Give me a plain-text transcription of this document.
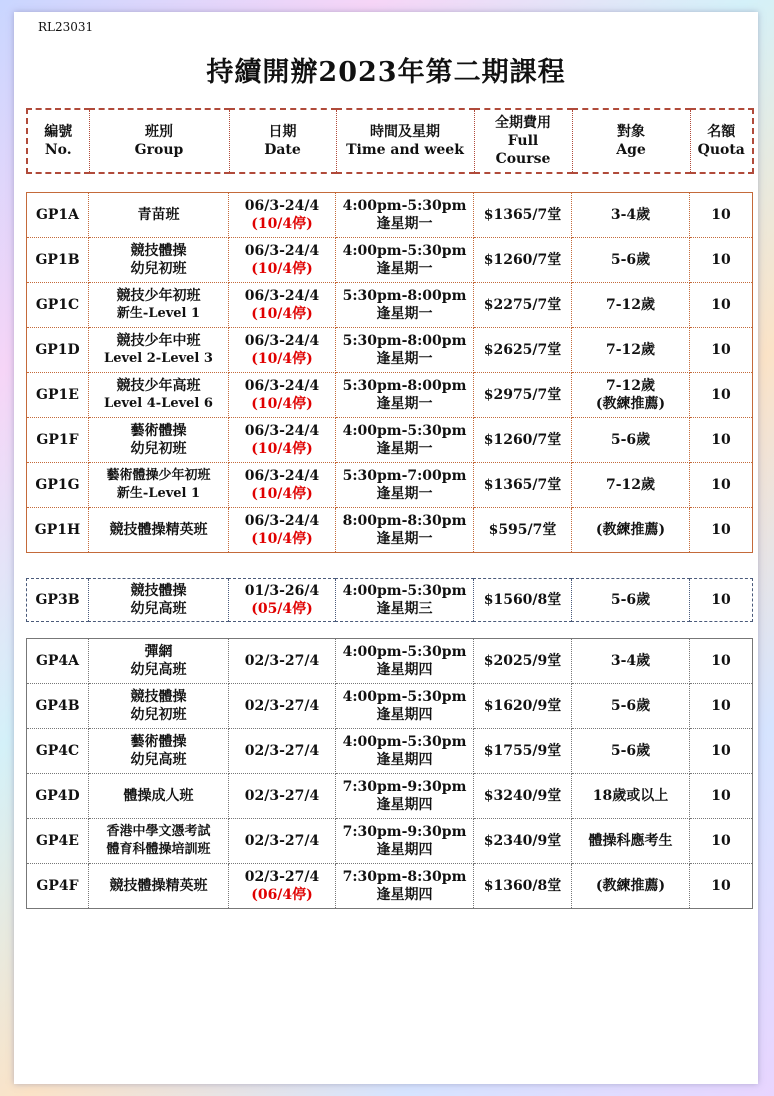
RL23031
持續開辦2023年第二期課程
編號
No.

班別
Group

日期
Date

時間及星期
Time and week

全期費用
Full
Course

對象
Age

名額
Quota
GP1A	青苗班	06/3-24/4
(10/4停)	4:00pm-5:30pm
逢星期一	$1365/7堂	3-4歲	10

GP1B	競技體操
幼兒初班	06/3-24/4
(10/4停)	4:00pm-5:30pm
逢星期一	$1260/7堂	5-6歲	10

GP1C	競技少年初班
新生-Level 1	06/3-24/4
(10/4停)	5:30pm-8:00pm
逢星期一	$2275/7堂	7-12歲	10

GP1D	競技少年中班
Level 2-Level 3	06/3-24/4
(10/4停)	5:30pm-8:00pm
逢星期一	$2625/7堂	7-12歲	10

GP1E	競技少年高班
Level 4-Level 6	06/3-24/4
(10/4停)	5:30pm-8:00pm
逢星期一	$2975/7堂	7-12歲
(教練推薦)	10

GP1F	藝術體操
幼兒初班	06/3-24/4
(10/4停)	4:00pm-5:30pm
逢星期一	$1260/7堂	5-6歲	10

GP1G	藝術體操少年初班
新生-Level 1	06/3-24/4
(10/4停)	5:30pm-7:00pm
逢星期一	$1365/7堂	7-12歲	10

GP1H	競技體操精英班	06/3-24/4
(10/4停)	8:00pm-8:30pm
逢星期一	$595/7堂	(教練推薦)	10
GP3B

競技體操
幼兒高班

01/3-26/4
(05/4停)

4:00pm-5:30pm
逢星期三

$1560/8堂	5-6歲	10
GP4A	彈網
幼兒高班	02/3-27/4	4:00pm-5:30pm
逢星期四	$2025/9堂	3-4歲	10

GP4B	競技體操
幼兒初班	02/3-27/4	4:00pm-5:30pm
逢星期四	$1620/9堂	5-6歲	10

GP4C	藝術體操
幼兒高班	02/3-27/4	4:00pm-5:30pm
逢星期四	$1755/9堂	5-6歲	10

GP4D	體操成人班	02/3-27/4	7:30pm-9:30pm
逢星期四	$3240/9堂	18歲或以上	10

GP4E	香港中學文憑考試
體育科體操培訓班	02/3-27/4	7:30pm-9:30pm
逢星期四	$2340/9堂	體操科應考生	10

GP4F	競技體操精英班	02/3-27/4
(06/4停)	7:30pm-8:30pm
逢星期四	$1360/8堂	(教練推薦)	10
